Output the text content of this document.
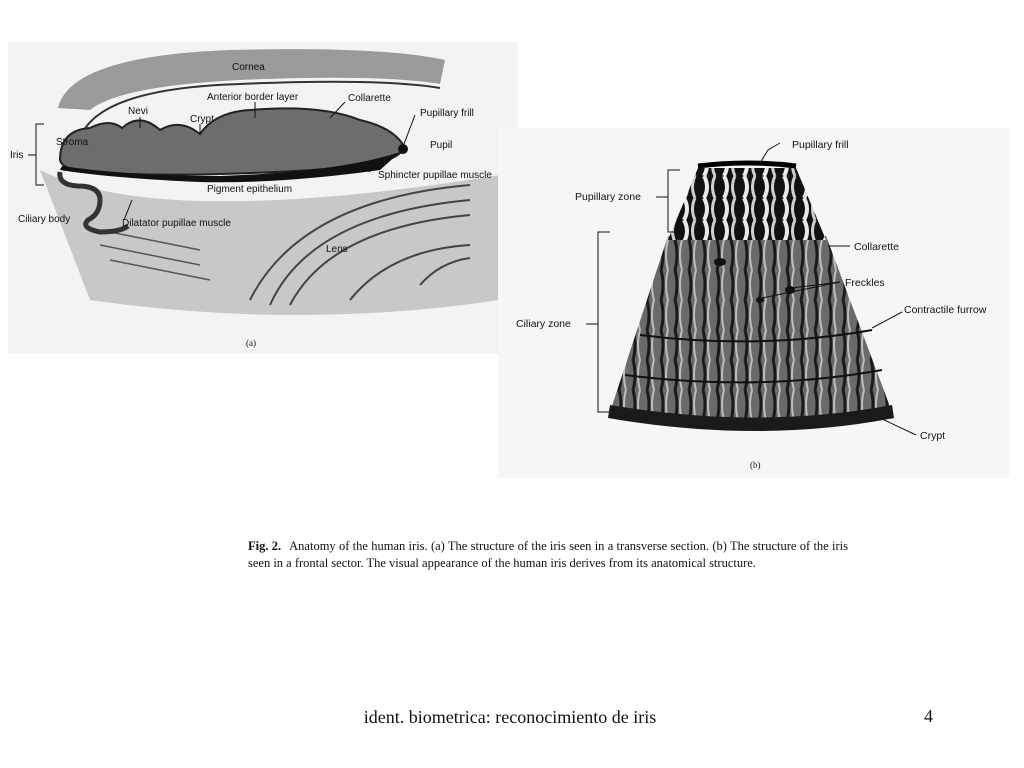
Cornea
Nevi
Anterior border layer	Collarette
Pupillary frill
Crypt
Pupil
Stroma
Iris
Sphincter pupillae muscle
Pigment epithelium
Ciliary body	Dilatator pupillae muscle
Lens
(a)
Pupillary frill
Pupillary zone
Collarette
Freckles
Contractile furrow
Ciliary zone
Crypt
(b)
Fig. 2. Anatomy of the human iris. (a) The structure of the iris seen in a transverse section. (b) The structure of the iris seen in a frontal sector. The visual appearance of the human iris derives from its anatomical structure.
ident. biometrica: reconocimiento de iris	4
